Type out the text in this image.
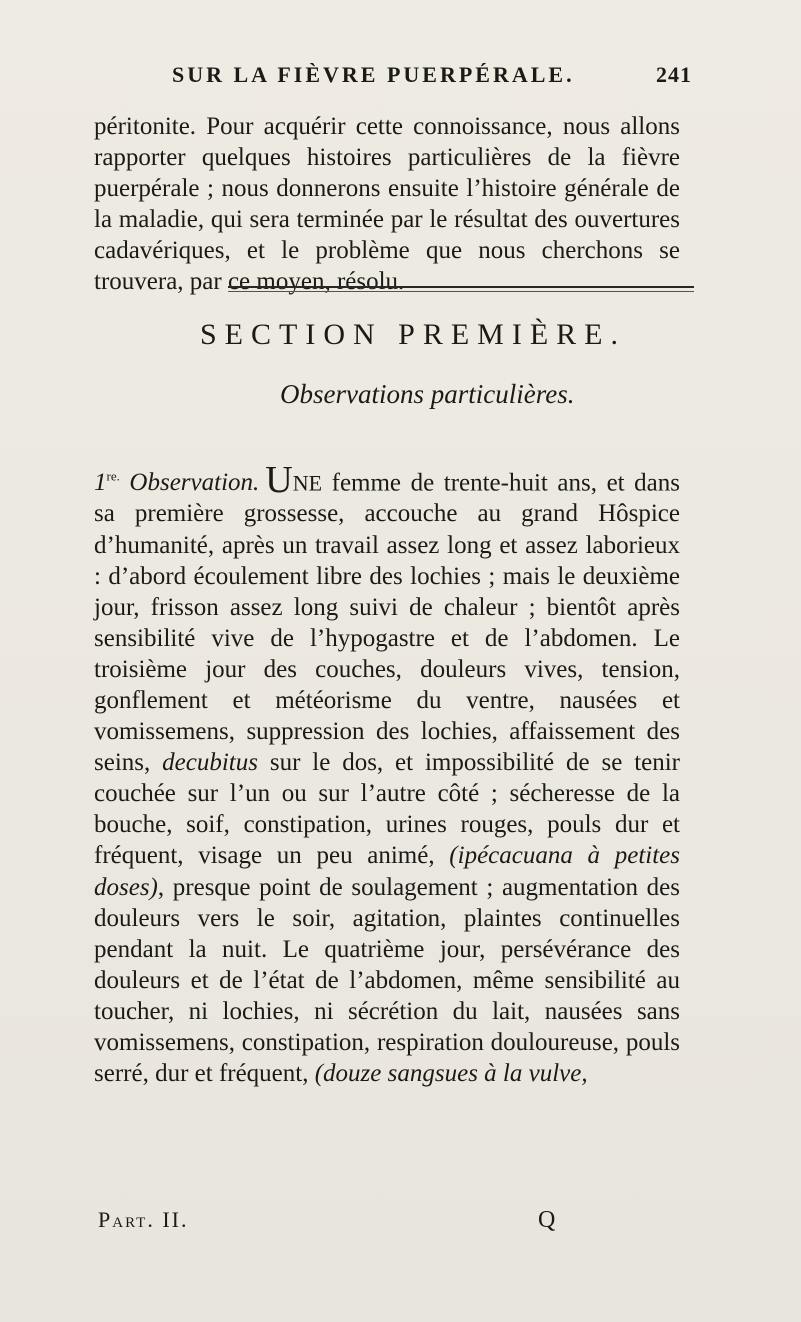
SUR LA FIÈVRE PUERPÉRALE.	241

péritonite. Pour acquérir cette connoissance, nous allons rapporter quelques histoires particulières de la fièvre puerpérale ; nous donnerons ensuite l’histoire générale de la maladie, qui sera terminée par le résultat des ouvertures cadavériques, et le problème que nous cherchons se trouvera, par ce moyen, résolu.

SECTION PREMIÈRE.
Observations particulières.

$1^{re.}$ Observation. UNE femme de trente-huit ans, et dans sa première grossesse, accouche au grand Hôspice d’humanité, après un travail assez long et assez laborieux : d’abord écoulement libre des lochies ; mais le deuxième jour, frisson assez long suivi de chaleur ; bientôt après sensibilité vive de l’hypogastre et de l’abdomen. Le troisième jour des couches, douleurs vives, tension, gonflement et météorisme du ventre, nausées et vomissemens, suppression des lochies, affaissement des seins, decubitus sur le dos, et impossibilité de se tenir couchée sur l’un ou sur l’autre côté ; sécheresse de la bouche, soif, constipation, urines rouges, pouls dur et fréquent, visage un peu animé, (ipécacuana à petites doses), presque point de soulagement ; augmentation des douleurs vers le soir, agitation, plaintes continuelles pendant la nuit. Le quatrième jour, persévérance des douleurs et de l’état de l’abdomen, même sensibilité au toucher, ni lochies, ni sécrétion du lait, nausées sans vomissemens, constipation, respiration douloureuse, pouls serré, dur et fréquent, (douze sangsues à la vulve,

Part. II.	Q
